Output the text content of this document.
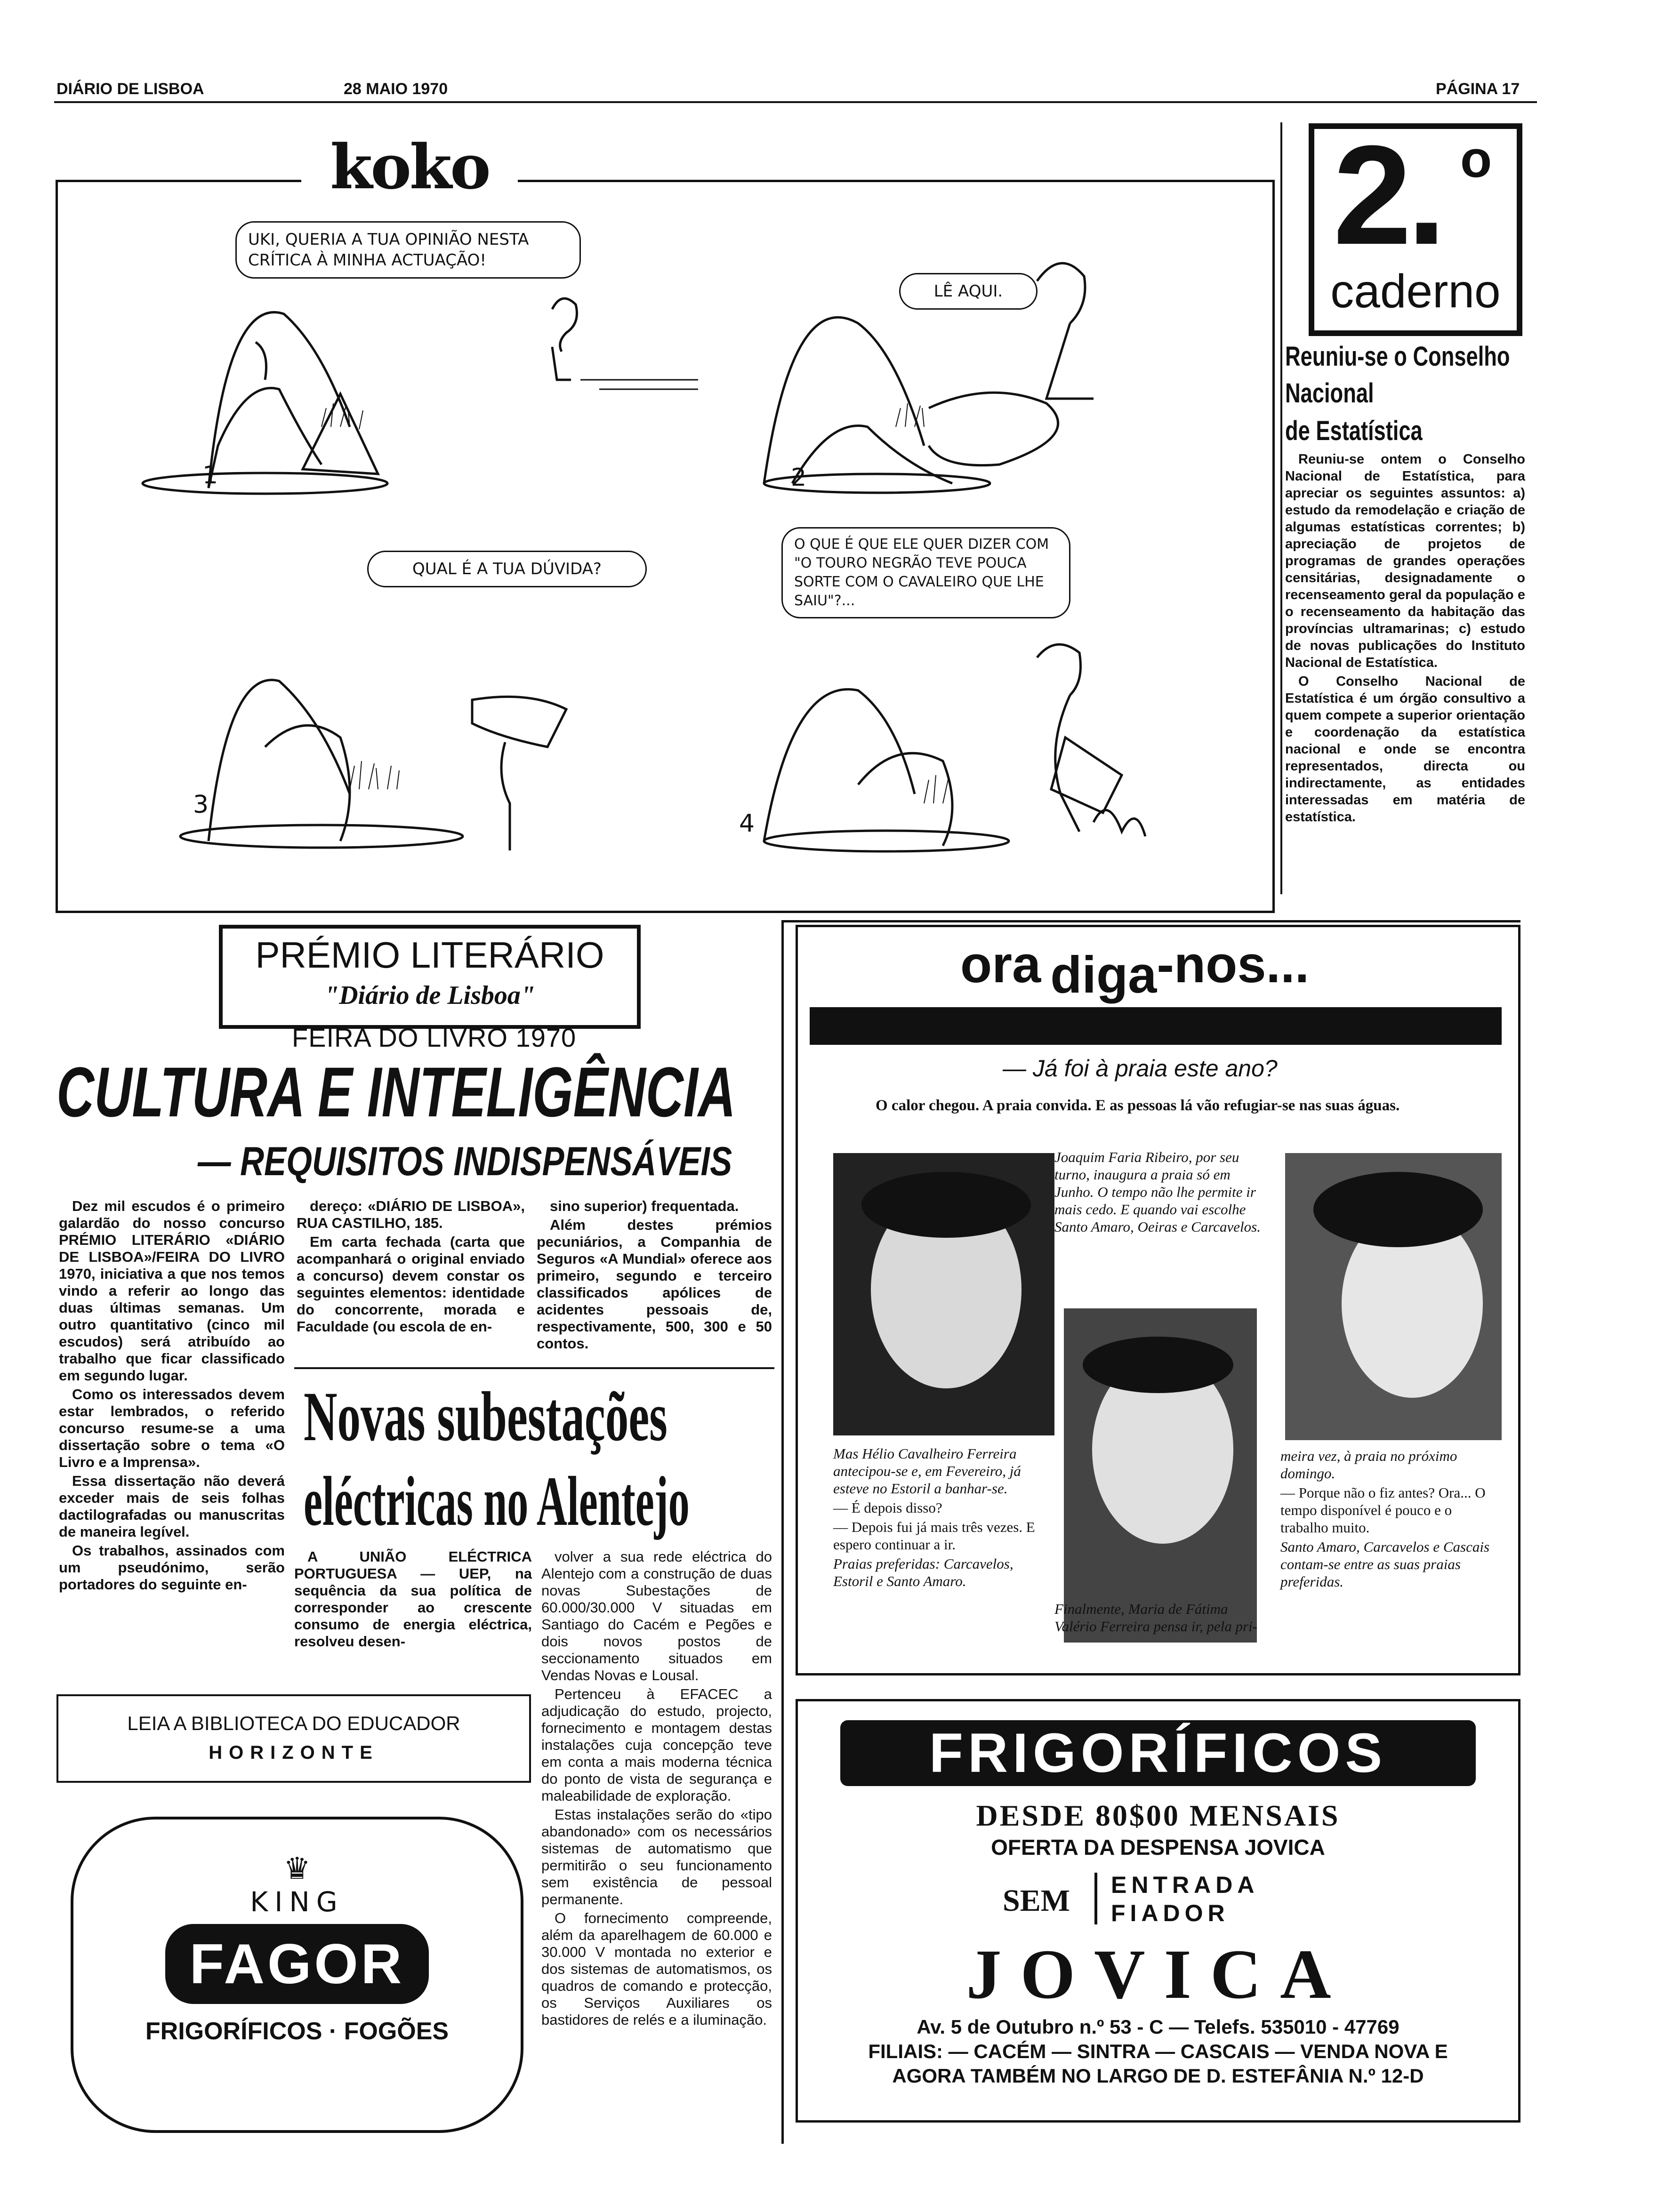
DIÁRIO DE LISBOA	28 MAIO 1970	PÁGINA 17
koko
UKI, QUERIA A TUA OPINIÃO NESTA CRÍTICA À MINHA ACTUAÇÃO!
LÊ AQUI.
QUAL É A TUA DÚVIDA?
O QUE É QUE ELE QUER DIZER COM "O TOURO NEGRÃO TEVE POUCA SORTE COM O CAVALEIRO QUE LHE SAIU"?...
1	2
3
4
2. o
caderno
Reuniu-se o Conselho
Nacional
de Estatística

Reuniu-se ontem o Conselho Nacional de Estatística, para apreciar os seguintes assuntos: a) estudo da remodelação e criação de algumas estatísticas correntes; b) apreciação de projetos de programas de grandes operações censitárias, designadamente o recenseamento geral da população e o recenseamento da habitação das províncias ultramarinas; c) estudo de novas publicações do Instituto Nacional de Estatística.

O Conselho Nacional de Estatística é um órgão consultivo a quem compete a superior orientação e coordenação da estatística nacional e onde se encontra representados, directa ou indirectamente, as entidades interessadas em matéria de estatística.

PRÉMIO LITERÁRIO
"Diário de Lisboa"
FEIRA DO LIVRO 1970
CULTURA E INTELIGÊNCIA
— REQUISITOS INDISPENSÁVEIS

Dez mil escudos é o primeiro galardão do nosso concurso PRÉMIO LITERÁRIO «DIÁRIO DE LISBOA»/FEIRA DO LIVRO 1970, iniciativa a que nos temos vindo a referir ao longo das duas últimas semanas. Um outro quantitativo (cinco mil escudos) será atribuído ao trabalho que ficar classificado em segundo lugar.

Como os interessados devem estar lembrados, o referido concurso resume-se a uma dissertação sobre o tema «O Livro e a Imprensa».

Essa dissertação não deverá exceder mais de seis folhas dactilografadas ou manuscritas de maneira legível.

Os trabalhos, assinados com um pseudónimo, serão portadores do seguinte en-

dereço: «DIÁRIO DE LISBOA», RUA CASTILHO, 185.

Em carta fechada (carta que acompanhará o original enviado a concurso) devem constar os seguintes elementos: identidade do concorrente, morada e Faculdade (ou escola de en-

sino superior) frequentada.

Além destes prémios pecuniários, a Companhia de Seguros «A Mundial» oferece aos primeiro, segundo e terceiro classificados apólices de acidentes pessoais de, respectivamente, 500, 300 e 50 contos.

Novas subestações
eléctricas no Alentejo

A UNIÃO ELÉCTRICA PORTUGUESA — UEP, na sequência da sua política de corresponder ao crescente consumo de energia eléctrica, resolveu desen-

volver a sua rede eléctrica do Alentejo com a construção de duas novas Subestações de 60.000/30.000 V situadas em Santiago do Cacém e Pegões e dois novos postos de seccionamento situados em Vendas Novas e Lousal.

Pertenceu à EFACEC a adjudicação do estudo, projecto, fornecimento e montagem destas instalações cuja concepção teve em conta a mais moderna técnica do ponto de vista de segurança e maleabilidade de exploração.

Estas instalações serão do «tipo abandonado» com os necessários sistemas de automatismo que permitirão o seu funcionamento sem existência de pessoal permanente.

O fornecimento compreende, além da aparelhagem de 60.000 e 30.000 V montada no exterior e dos sistemas de automatismos, os quadros de comando e protecção, os Serviços Auxiliares os bastidores de relés e a iluminação.

LEIA A BIBLIOTECA DO EDUCADOR
HORIZONTE
♛
KING
FAGOR
FRIGORÍFICOS · FOGÕES
ora diga-nos...
— Já foi à praia este ano?
O calor chegou. A praia convida. E as pessoas lá vão refugiar-se nas suas águas.

Joaquim Faria Ribeiro, por seu turno, inaugura a praia só em Junho. O tempo não lhe permite ir mais cedo. E quando vai escolhe Santo Amaro, Oeiras e Carcavelos.

Mas Hélio Cavalheiro Ferreira antecipou-se e, em Fevereiro, já esteve no Estoril a banhar-se.

— É depois disso?

— Depois fui já mais três vezes. E espero continuar a ir.

Praias preferidas: Carcavelos, Estoril e Santo Amaro.

Finalmente, Maria de Fátima Valério Ferreira pensa ir, pela pri-

meira vez, à praia no próximo domingo.

— Porque não o fiz antes? Ora... O tempo disponível é pouco e o trabalho muito.

Santo Amaro, Carcavelos e Cascais contam-se entre as suas praias preferidas.

FRIGORÍFICOS
DESDE 80$00 MENSAIS
OFERTA DA DESPENSA JOVICA
SEM ENTRADA
FIADOR
JOVICA
Av. 5 de Outubro n.º 53 - C — Telefs. 535010 - 47769
FILIAIS: — CACÉM — SINTRA — CASCAIS — VENDA NOVA E
AGORA TAMBÉM NO LARGO DE D. ESTEFÂNIA N.º 12-D
